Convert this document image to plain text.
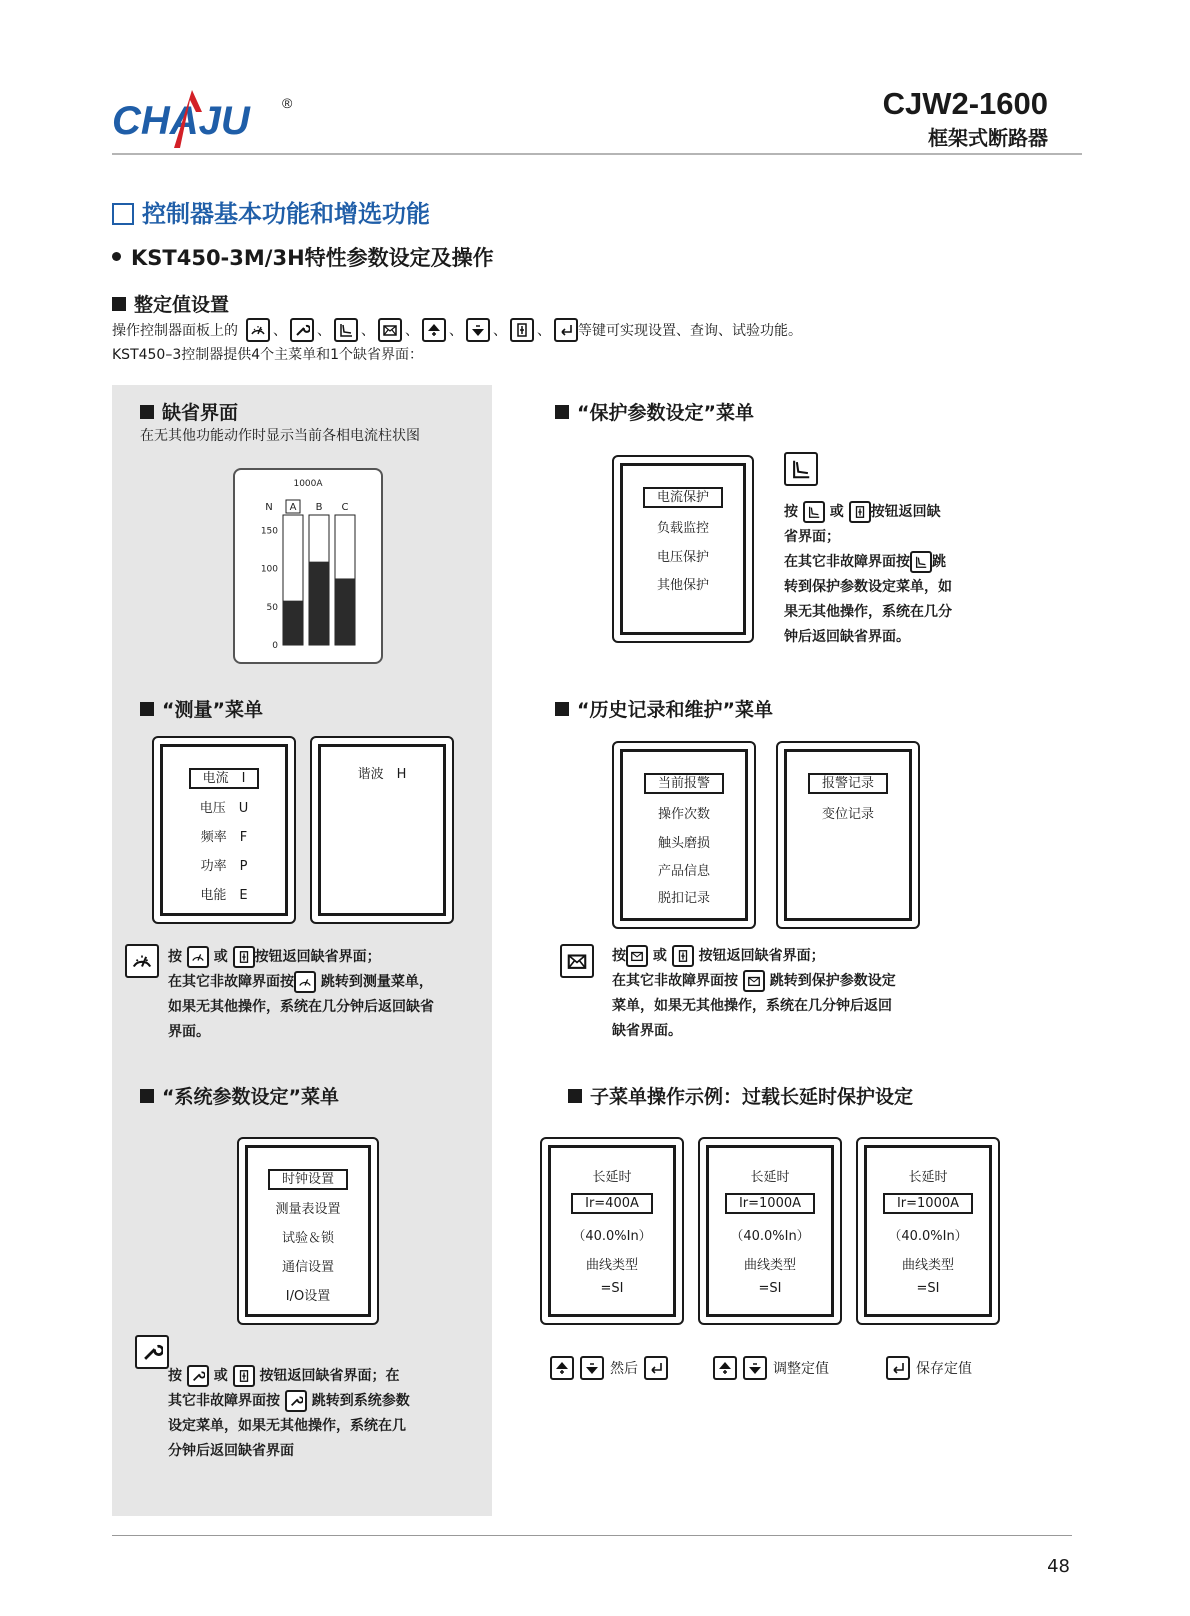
CHAJU ®	CJW2-1600
框架式断路器
控制器基本功能和增选功能
KST450-3M/3H特性参数设定及操作
整定值设置
操作控制器面板上的	、 、 、 、 、 、 、 等键可实现设置、查询、试验功能。
KST450–3控制器提供4个主菜单和1个缺省界面：
缺省界面
在无其他功能动作时显示当前各相电流柱状图
1000A
0
50
100
150
N A B C
“保护参数设定”菜单
电流保护
负载监控
电压保护
其他保护
按 或 按钮返回缺
省界面；
在其它非故障界面按 跳
转到保护参数设定菜单，如
果无其他操作，系统在几分
钟后返回缺省界面。
“测量”菜单
电流　I
电压　U
频率　F
功率　P
电能　E
谐波　H
按 或 按钮返回缺省界面；
在其它非故障界面按 跳转到测量菜单，
如果无其他操作，系统在几分钟后返回缺省
界面。
“历史记录和维护”菜单
当前报警
操作次数
触头磨损
产品信息
脱扣记录
报警记录
变位记录
按 或 按钮返回缺省界面；
在其它非故障界面按 跳转到保护参数设定
菜单，如果无其他操作，系统在几分钟后返回
缺省界面。
“系统参数设定”菜单
时钟设置
测量表设置
试验＆锁
通信设置
I/O设置
按 或 按钮返回缺省界面；在
其它非故障界面按 跳转到系统参数
设定菜单，如果无其他操作，系统在几
分钟后返回缺省界面
子菜单操作示例：过载长延时保护设定
长延时
Ir=400A
（40.0%In）
曲线类型
=SI
长延时
Ir=1000A
（40.0%In）
曲线类型
=SI
长延时
Ir=1000A
（40.0%In）
曲线类型
=SI
然后	调整定值	保存定值
48
